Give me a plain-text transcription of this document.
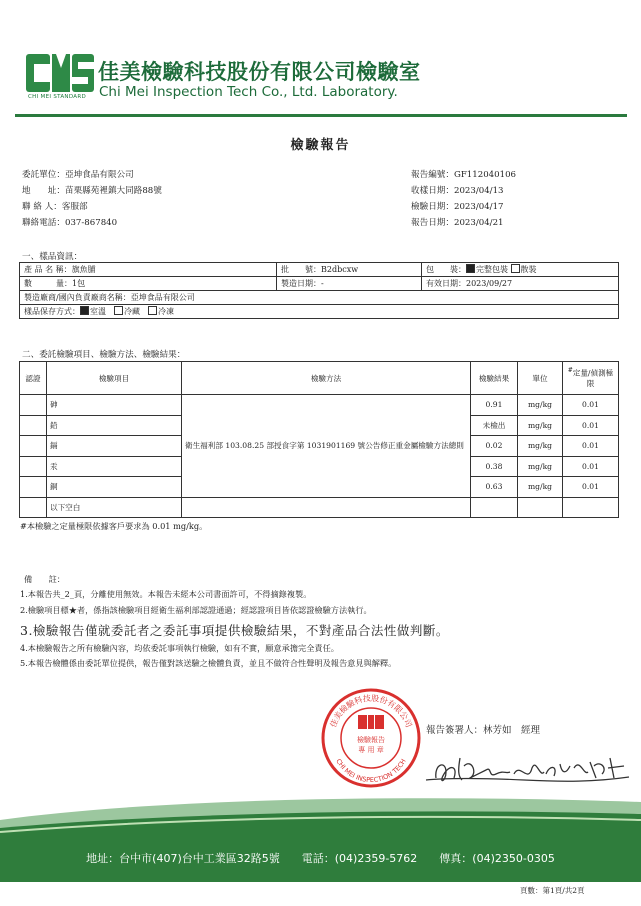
CHI MEI STANDARD
佳美檢驗科技股份有限公司檢驗室
Chi Mei Inspection Tech Co., Ltd. Laboratory.
檢驗報告
委託單位：亞坤食品有限公司
地　　址：苗栗縣苑裡鎮大同路88號
聯 絡 人：客服部
聯絡電話：037-867840
報告編號：GF112040106
收樣日期：2023/04/13
檢驗日期：2023/04/17
報告日期：2023/04/21
一、樣品資訊：
產 品 名 稱：旗魚脯	批　　號：B2dbcxw	包　　裝： 完整包裝 散裝
數　　　量：1包	製造日期：-	有效日期：2023/09/27
製造廠商/國內負責廠商名稱：亞坤食品有限公司		
樣品保存方式： 室溫　 冷藏　 冷凍		
二、委託檢驗項目、檢驗方法、檢驗結果：
認證	檢驗項目	檢驗方法	檢驗結果	單位	#定量/偵測極限
	砷	衛生福利部 103.08.25 部授食字第 1031901169 號公告修正重金屬檢驗方法總則	0.91	mg/kg	0.01
	鉛		未檢出	mg/kg	0.01
	鎘		0.02	mg/kg	0.01
	汞		0.38	mg/kg	0.01
	銅		0.63	mg/kg	0.01
	以下空白				
#本檢驗之定量極限依據客戶要求為 0.01 mg/kg。
備　　註：
1.本報告共_2_頁，分離使用無效。本報告未經本公司書面許可，不得摘錄複製。
2.檢驗項目標★者，係指該檢驗項目經衛生福利部認證通過；經認證項目皆依認證檢驗方法執行。
3.檢驗報告僅就委託者之委託事項提供檢驗結果，不對產品合法性做判斷。
4.本檢驗報告之所有檢驗內容，均依委託事項執行檢驗，如有不實，願意承擔完全責任。
5.本報告檢體係由委託單位提供，報告僅對該送驗之檢體負責，並且不做符合性聲明及報告意見與解釋。
佳美檢驗科技股份有限公司
CHI MEI INSPECTION TECH
檢驗報告
專 用 章
報告簽署人：林芳如　經理
地址：台中市(407)台中工業區32路5號　　電話：(04)2359-5762　　傳真：(04)2350-0305
頁數：第1頁/共2頁
